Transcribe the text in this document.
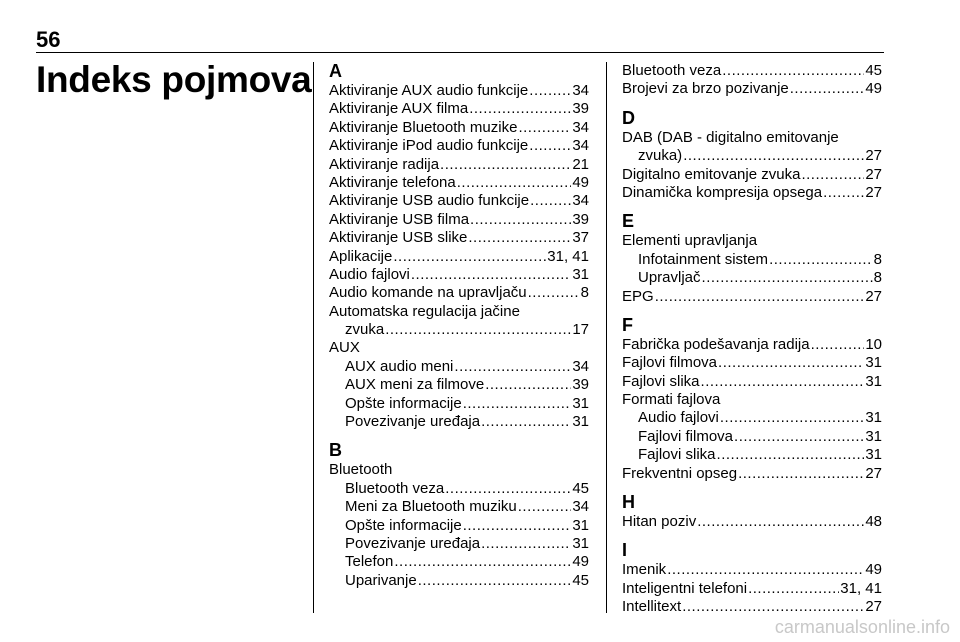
56
Indeks pojmova A
Aktiviranje AUX audio funkcije .....	34
Aktiviranje AUX filma .....	39
Aktiviranje Bluetooth muzike .....	34
Aktiviranje iPod audio funkcije .....	34
Aktiviranje radija .....	21
Aktiviranje telefona .....	49
Aktiviranje USB audio funkcije .....	34
Aktiviranje USB filma .....	39
Aktiviranje USB slike .....	37
Aplikacije .....	31, 41
Audio fajlovi .....	31
Audio komande na upravljaču .....	8
Automatska regulacija jačine
zvuka .....	17
AUX
AUX audio meni .....	34
AUX meni za filmove .....	39
Opšte informacije .....	31
Povezivanje uređaja .....	31
B
Bluetooth
Bluetooth veza .....	45
Meni za Bluetooth muziku .....	34
Opšte informacije .....	31
Povezivanje uređaja .....	31
Telefon .....	49
Uparivanje .....	45
Bluetooth veza .....	45
Brojevi za brzo pozivanje .....	49
D
DAB (DAB - digitalno emitovanje
zvuka) .....	27
Digitalno emitovanje zvuka .....	27
Dinamička kompresija opsega .....	27
E
Elementi upravljanja
Infotainment sistem .....	8
Upravljač .....	8
EPG .....	27
F
Fabrička podešavanja radija .....	10
Fajlovi filmova .....	31
Fajlovi slika .....	31
Formati fajlova
Audio fajlovi .....	31
Fajlovi filmova .....	31
Fajlovi slika .....	31
Frekventni opseg .....	27
H
Hitan poziv .....	48
I
Imenik .....	49
Inteligentni telefoni .....	31, 41
Intellitext .....	27
carmanualsonline.info
